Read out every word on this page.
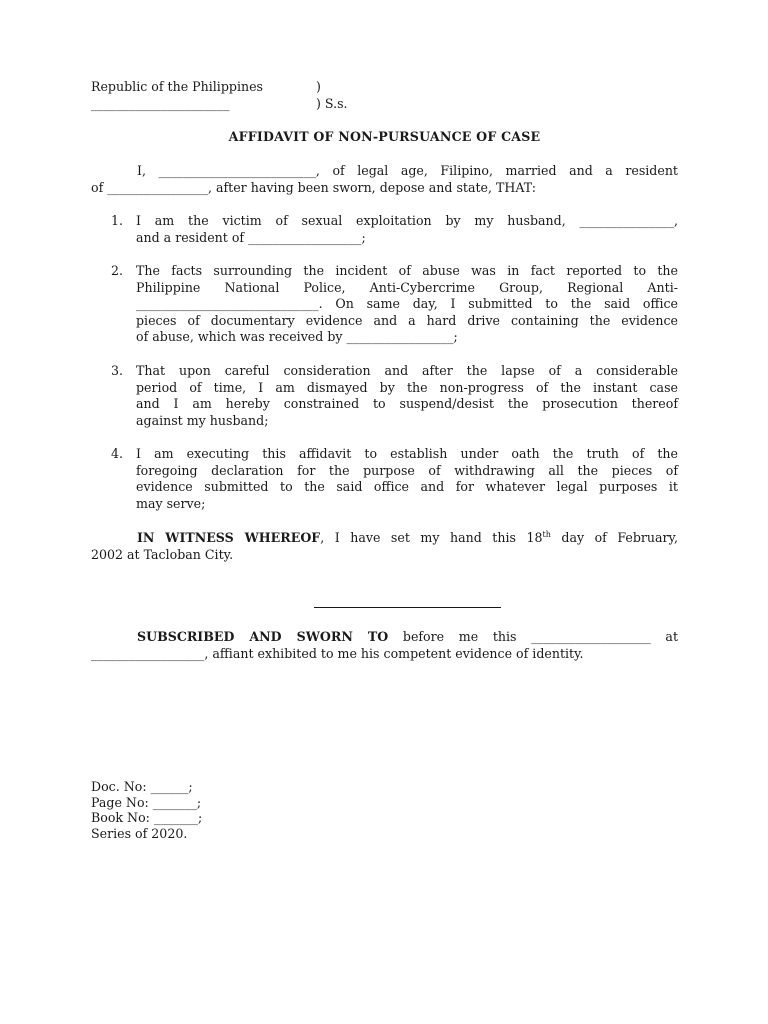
Republic of the Philippines	)
______________________	) S.s.
AFFIDAVIT OF NON-PURSUANCE OF CASE
I, _________________________, of legal age, Filipino, married and a resident
of ________________, after having been sworn, depose and state, THAT:
1. I am the victim of sexual exploitation by my husband, _______________,
and a resident of __________________;
2. The facts surrounding the incident of abuse was in fact reported to the
Philippine National Police, Anti-Cybercrime Group, Regional Anti-
_____________________________. On same day, I submitted to the said office
pieces of documentary evidence and a hard drive containing the evidence
of abuse, which was received by _________________;
3. That upon careful consideration and after the lapse of a considerable
period of time, I am dismayed by the non-progress of the instant case
and I am hereby constrained to suspend/desist the prosecution thereof
against my husband;
4. I am executing this affidavit to establish under oath the truth of the
foregoing declaration for the purpose of withdrawing all the pieces of
evidence submitted to the said office and for whatever legal purposes it
may serve;
IN WITNESS WHEREOF, I have set my hand this 18th day of February,
2002 at Tacloban City.
SUBSCRIBED AND SWORN TO before me this ___________________ at
__________________, affiant exhibited to me his competent evidence of identity.
Doc. No: ______;
Page No: _______;
Book No: _______;
Series of 2020.
